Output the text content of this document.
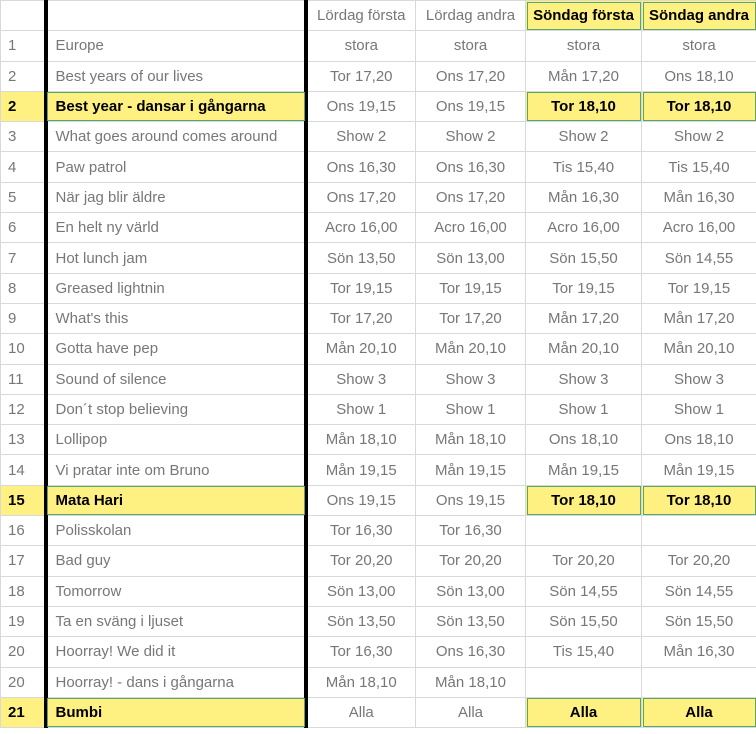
		Lördag första	Lördag andra	Söndag första	Söndag andra
1	Europe	stora	stora	stora	stora
2	Best years of our lives	Tor 17,20	Ons 17,20	Mån 17,20	Ons 18,10
2	Best year - dansar i gångarna	Ons 19,15	Ons 19,15	Tor 18,10	Tor 18,10
3	What goes around comes around	Show 2	Show 2	Show 2	Show 2
4	Paw patrol	Ons 16,30	Ons 16,30	Tis 15,40	Tis 15,40
5	När jag blir äldre	Ons 17,20	Ons 17,20	Mån 16,30	Mån 16,30
6	En helt ny värld	Acro 16,00	Acro 16,00	Acro 16,00	Acro 16,00
7	Hot lunch jam	Sön 13,50	Sön 13,00	Sön 15,50	Sön 14,55
8	Greased lightnin	Tor 19,15	Tor 19,15	Tor 19,15	Tor 19,15
9	What's this	Tor 17,20	Tor 17,20	Mån 17,20	Mån 17,20
10	Gotta have pep	Mån 20,10	Mån 20,10	Mån 20,10	Mån 20,10
11	Sound of silence	Show 3	Show 3	Show 3	Show 3
12	Don´t stop believing	Show 1	Show 1	Show 1	Show 1
13	Lollipop	Mån 18,10	Mån 18,10	Ons 18,10	Ons 18,10
14	Vi pratar inte om Bruno	Mån 19,15	Mån 19,15	Mån 19,15	Mån 19,15
15	Mata Hari	Ons 19,15	Ons 19,15	Tor 18,10	Tor 18,10
16	Polisskolan	Tor 16,30	Tor 16,30		
17	Bad guy	Tor 20,20	Tor 20,20	Tor 20,20	Tor 20,20
18	Tomorrow	Sön 13,00	Sön 13,00	Sön 14,55	Sön 14,55
19	Ta en sväng i ljuset	Sön 13,50	Sön 13,50	Sön 15,50	Sön 15,50
20	Hoorray! We did it	Tor 16,30	Ons 16,30	Tis 15,40	Mån 16,30
20	Hoorray! - dans i gångarna	Mån 18,10	Mån 18,10		
21	Bumbi	Alla	Alla	Alla	Alla
